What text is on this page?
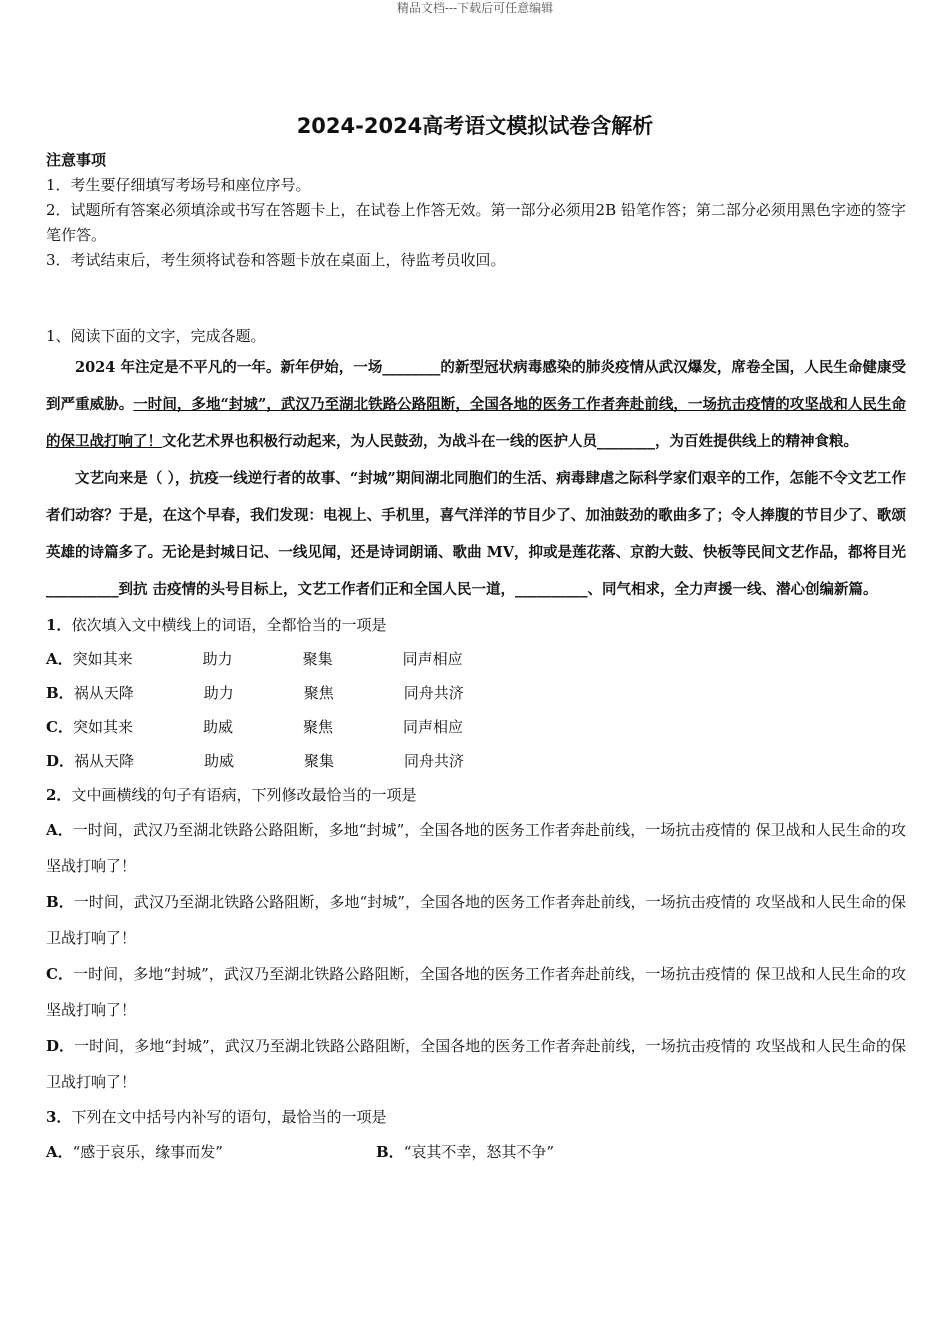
精品文档---下载后可任意编辑
2024-2024高考语文模拟试卷含解析
注意事项
1．考生要仔细填写考场号和座位序号。
2．试题所有答案必须填涂或书写在答题卡上，在试卷上作答无效。第一部分必须用2B 铅笔作答；第二部分必须用黑色字迹的签字笔作答。
3．考试结束后，考生须将试卷和答题卡放在桌面上，待监考员收回。
1、阅读下面的文字，完成各题。

2024 年注定是不平凡的一年。新年伊始，一场________的新型冠状病毒感染的肺炎疫情从武汉爆发，席卷全国，人民生命健康受到严重威胁。一时间，多地“封城”，武汉乃至湖北铁路公路阻断，全国各地的医务工作者奔赴前线，一场抗击疫情的攻坚战和人民生命的保卫战打响了！文化艺术界也积极行动起来，为人民鼓劲，为战斗在一线的医护人员________，为百姓提供线上的精神食粮。

文艺向来是（ ），抗疫一线逆行者的故事、“封城”期间湖北同胞们的生活、病毒肆虐之际科学家们艰辛的工作，怎能不令文艺工作者们动容？于是，在这个早春，我们发现：电视上、手机里，喜气洋洋的节目少了、加油鼓劲的歌曲多了；令人捧腹的节目少了、歌颂英雄的诗篇多了。无论是封城日记、一线见闻，还是诗词朗诵、歌曲 MV，抑或是莲花落、京韵大鼓、快板等民间文艺作品，都将目光__________到抗 击疫情的头号目标上，文艺工作者们正和全国人民一道，__________、同气相求，全力声援一线、潜心创编新篇。

1．依次填入文中横线上的词语，全都恰当的一项是
A．突如其来	助力	聚集	同声相应
B．祸从天降	助力	聚焦	同舟共济
C．突如其来	助威	聚焦	同声相应
D．祸从天降	助威	聚集	同舟共济
2．文中画横线的句子有语病，下列修改最恰当的一项是
A．一时间，武汉乃至湖北铁路公路阻断，多地“封城”，全国各地的医务工作者奔赴前线，一场抗击疫情的 保卫战和人民生命的攻坚战打响了！
B．一时间，武汉乃至湖北铁路公路阻断，多地“封城”，全国各地的医务工作者奔赴前线，一场抗击疫情的 攻坚战和人民生命的保卫战打响了！
C．一时间，多地“封城”，武汉乃至湖北铁路公路阻断，全国各地的医务工作者奔赴前线，一场抗击疫情的 保卫战和人民生命的攻坚战打响了！
D．一时间，多地“封城”，武汉乃至湖北铁路公路阻断，全国各地的医务工作者奔赴前线，一场抗击疫情的 攻坚战和人民生命的保卫战打响了！
3．下列在文中括号内补写的语句，最恰当的一项是
A．“感于哀乐，缘事而发”	B．“哀其不幸，怒其不争”
